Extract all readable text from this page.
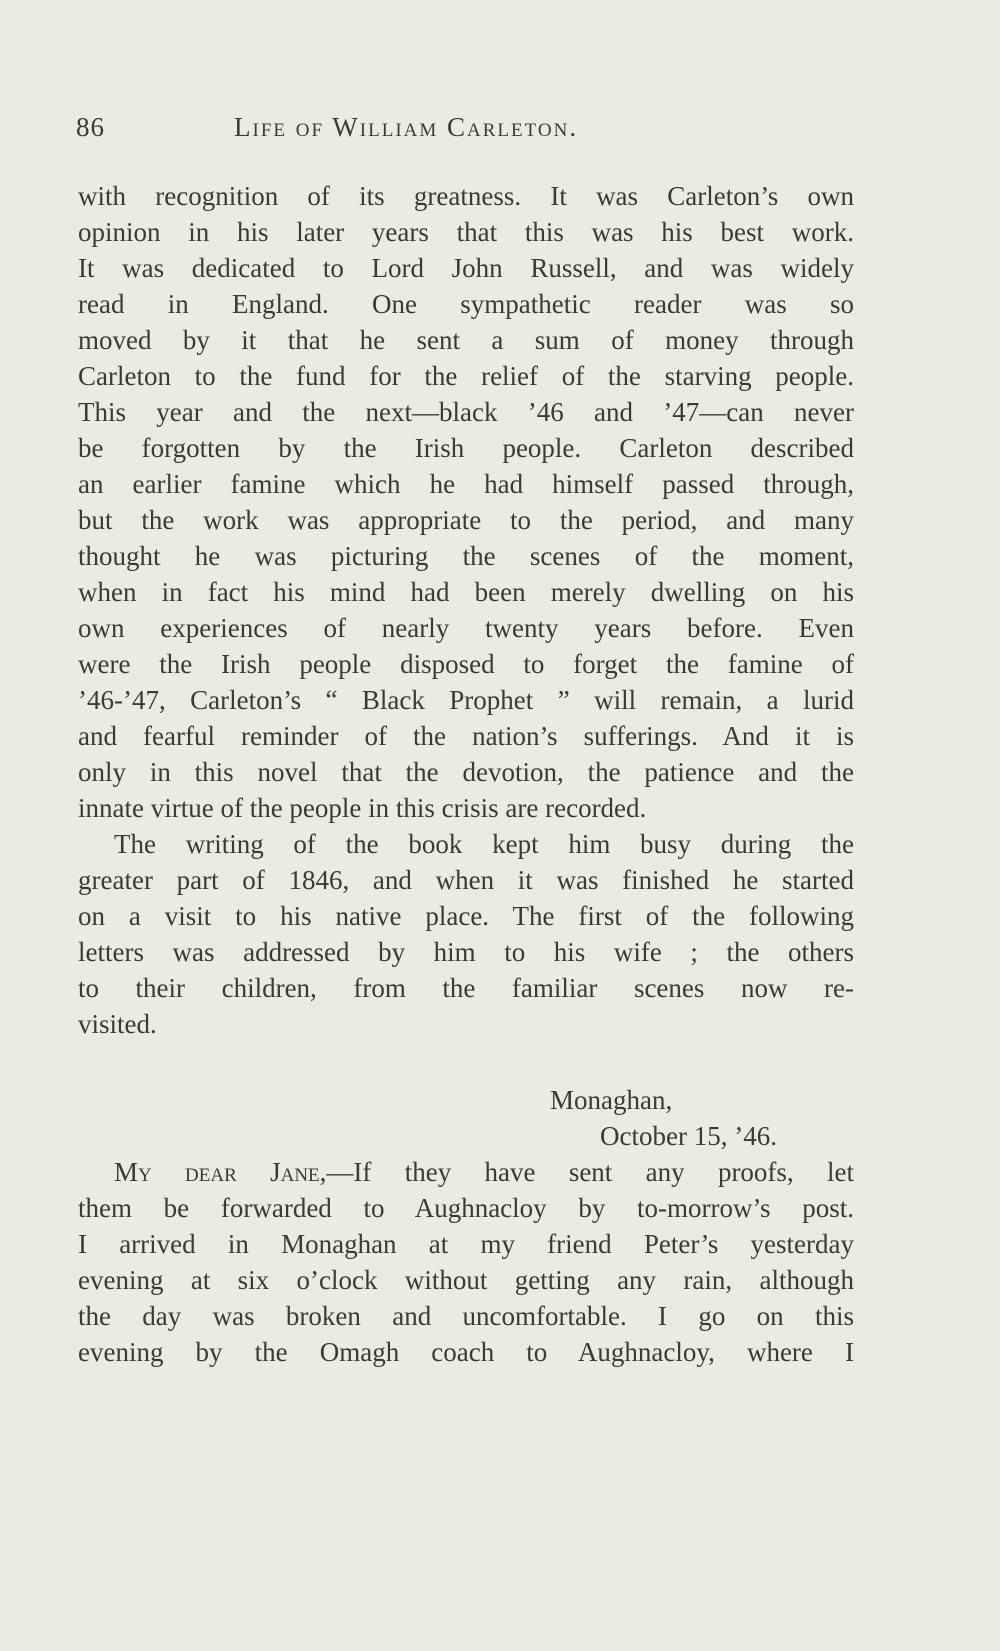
86	Life of William Carleton.
with recognition of its greatness. It was Carleton’s own
opinion in his later years that this was his best work.
It was dedicated to Lord John Russell, and was widely
read in England. One sympathetic reader was so
moved by it that he sent a sum of money through
Carleton to the fund for the relief of the starving people.
This year and the next—black ’46 and ’47—can never
be forgotten by the Irish people. Carleton described
an earlier famine which he had himself passed through,
but the work was appropriate to the period, and many
thought he was picturing the scenes of the moment,
when in fact his mind had been merely dwelling on his
own experiences of nearly twenty years before. Even
were the Irish people disposed to forget the famine of
’46-’47, Carleton’s “ Black Prophet ” will remain, a lurid
and fearful reminder of the nation’s sufferings. And it is
only in this novel that the devotion, the patience and the
innate virtue of the people in this crisis are recorded.
The writing of the book kept him busy during the
greater part of 1846, and when it was finished he started
on a visit to his native place. The first of the following
letters was addressed by him to his wife ; the others
to their children, from the familiar scenes now re-
visited.
Monaghan,
October 15, ’46.
My dear Jane,—If they have sent any proofs, let
them be forwarded to Aughnacloy by to-morrow’s post.
I arrived in Monaghan at my friend Peter’s yesterday
evening at six o’clock without getting any rain, although
the day was broken and uncomfortable. I go on this
evening by the Omagh coach to Aughnacloy, where I
